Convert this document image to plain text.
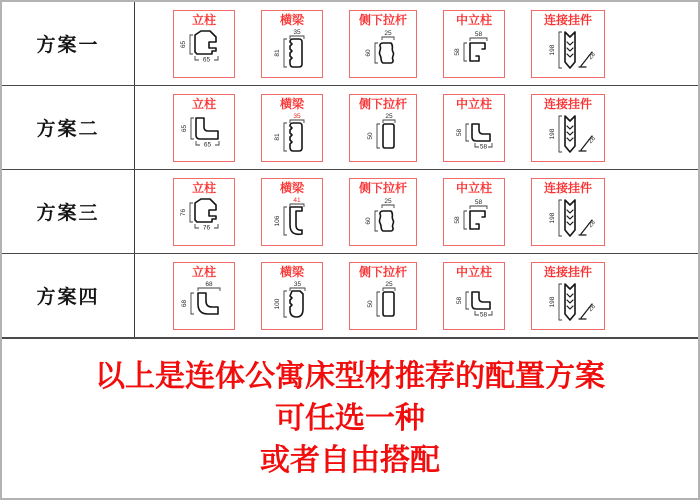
方案一
立柱
65
65
横梁
81
35
侧下拉杆
60
25
中立柱
58
58
连接挂件
198
28
方案二
立柱
65
65
横梁
81
35
侧下拉杆
50
25
中立柱
58
58
连接挂件
198
28
方案三
立柱
76
76
横梁
106
41
侧下拉杆
60
25
中立柱
58
58
连接挂件
198
28
方案四
立柱
68
68
横梁
100
35
侧下拉杆
50
25
中立柱
58
58
连接挂件
198
28
以上是连体公寓床型材推荐的配置方案
可任选一种
或者自由搭配
